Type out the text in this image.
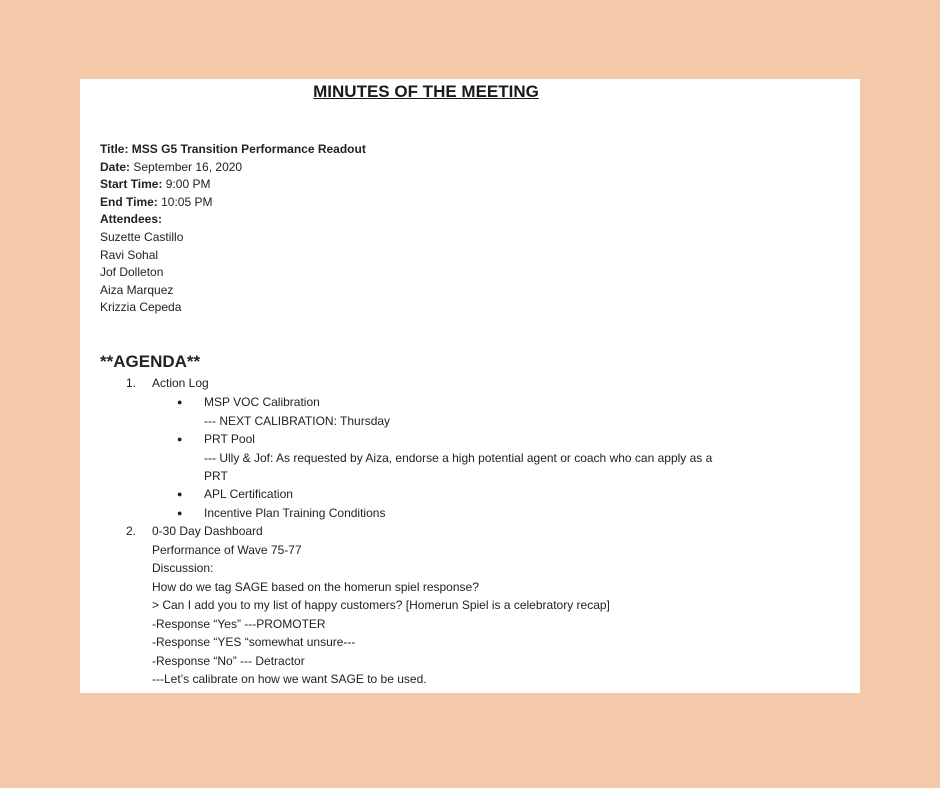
MINUTES OF THE MEETING
Title: MSS G5 Transition Performance Readout
Date: September 16, 2020
Start Time: 9:00 PM
End Time: 10:05 PM
Attendees:
Suzette Castillo
Ravi Sohal
Jof Dolleton
Aiza Marquez
Krizzia Cepeda
**AGENDA**
1. Action Log
● MSP VOC Calibration
--- NEXT CALIBRATION: Thursday
● PRT Pool
--- Ully & Jof: As requested by Aiza, endorse a high potential agent or coach who can apply as a
PRT
● APL Certification
● Incentive Plan Training Conditions
2. 0-30 Day Dashboard
Performance of Wave 75-77
Discussion:
How do we tag SAGE based on the homerun spiel response?
> Can I add you to my list of happy customers? [Homerun Spiel is a celebratory recap]
-Response “Yes” ---PROMOTER
-Response “YES “somewhat unsure---
-Response “No” --- Detractor
---Let’s calibrate on how we want SAGE to be used.
